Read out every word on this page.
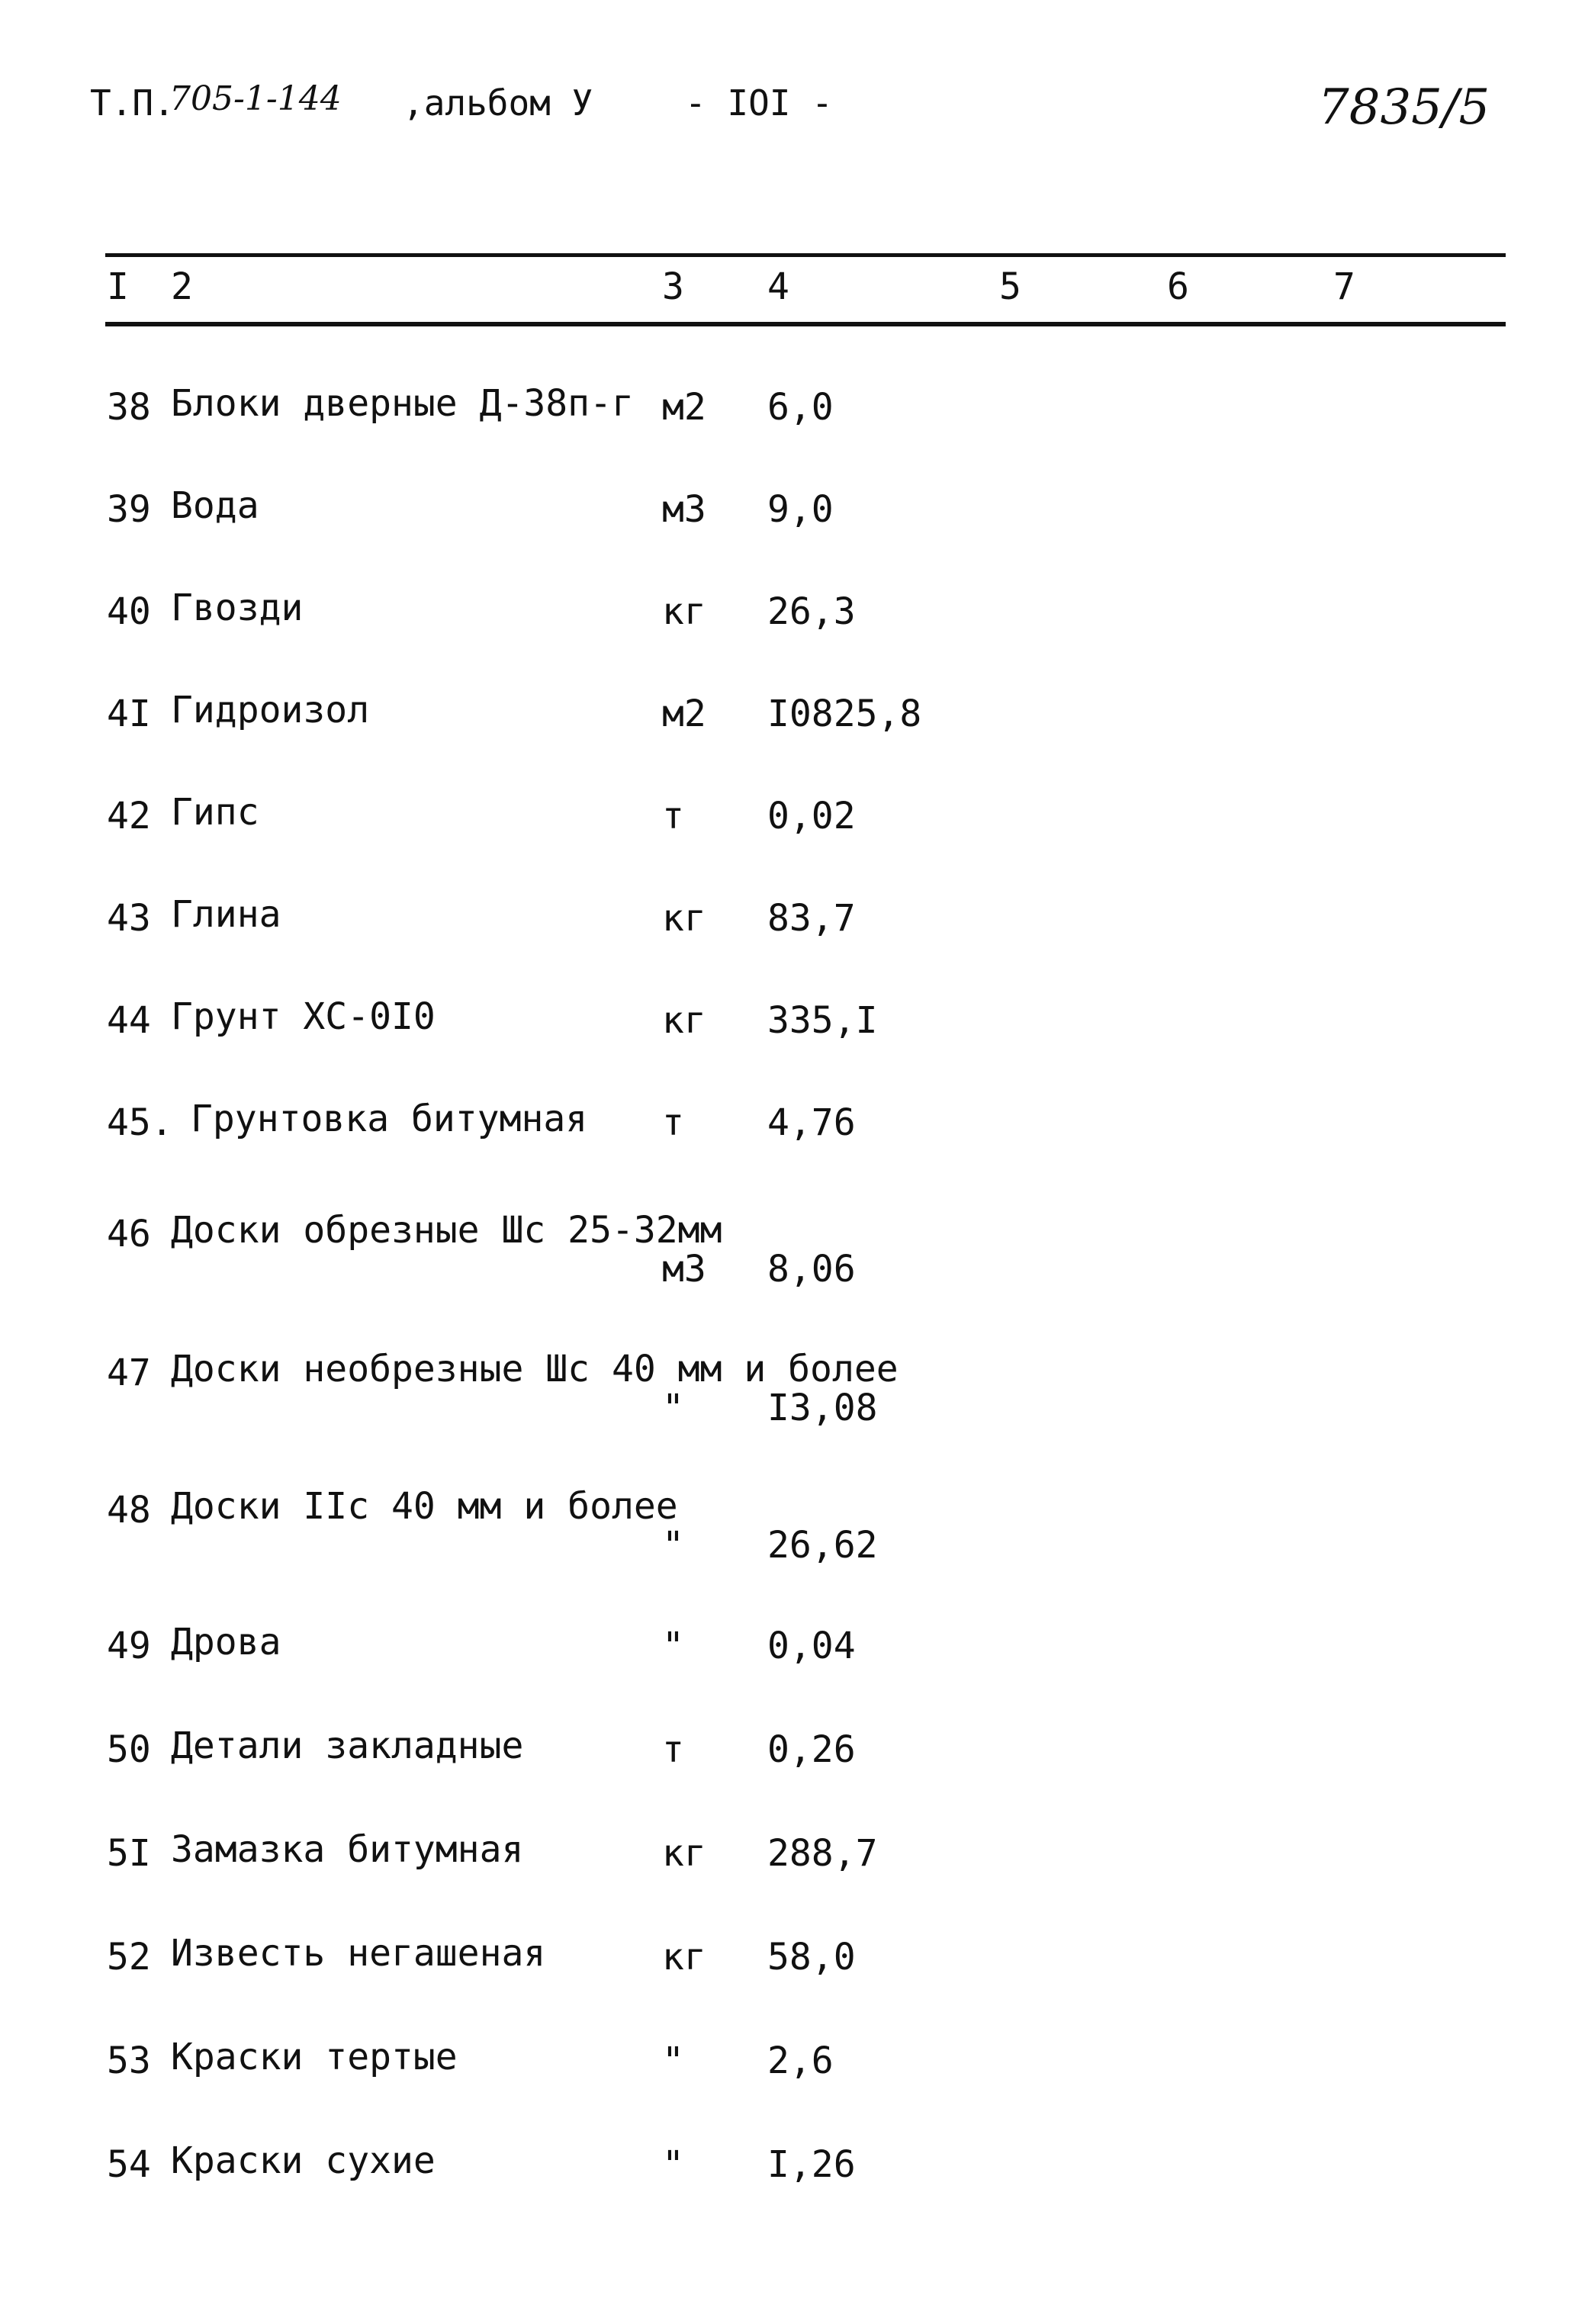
Т.П.
705-1-144 ,альбом У	- IOI -	7835/5
I 2	3 4	5	6	7
38 Блоки дверные Д-38п-г м2 6,0
39 Вода	м3 9,0
40 Гвозди	кг 26,3
4I Гидроизол	м2 I0825,8
42 Гипс	т 0,02
43 Глина	кг 83,7
44 Грунт ХС-0I0	кг 335,I
45. Грунтовка битумная т 4,76
46 Доски обрезные Шс 25-32мм
м3 8,06
47 Доски необрезные Шс 40 мм и более
" I3,08
48 Доски IIс 40 мм и более
" 26,62
49 Дрова	" 0,04
50 Детали закладные	т 0,26
5I Замазка битумная	кг 288,7
52 Известь негашеная	кг 58,0
53 Краски тертые	" 2,6
54 Краски сухие	" I,26
